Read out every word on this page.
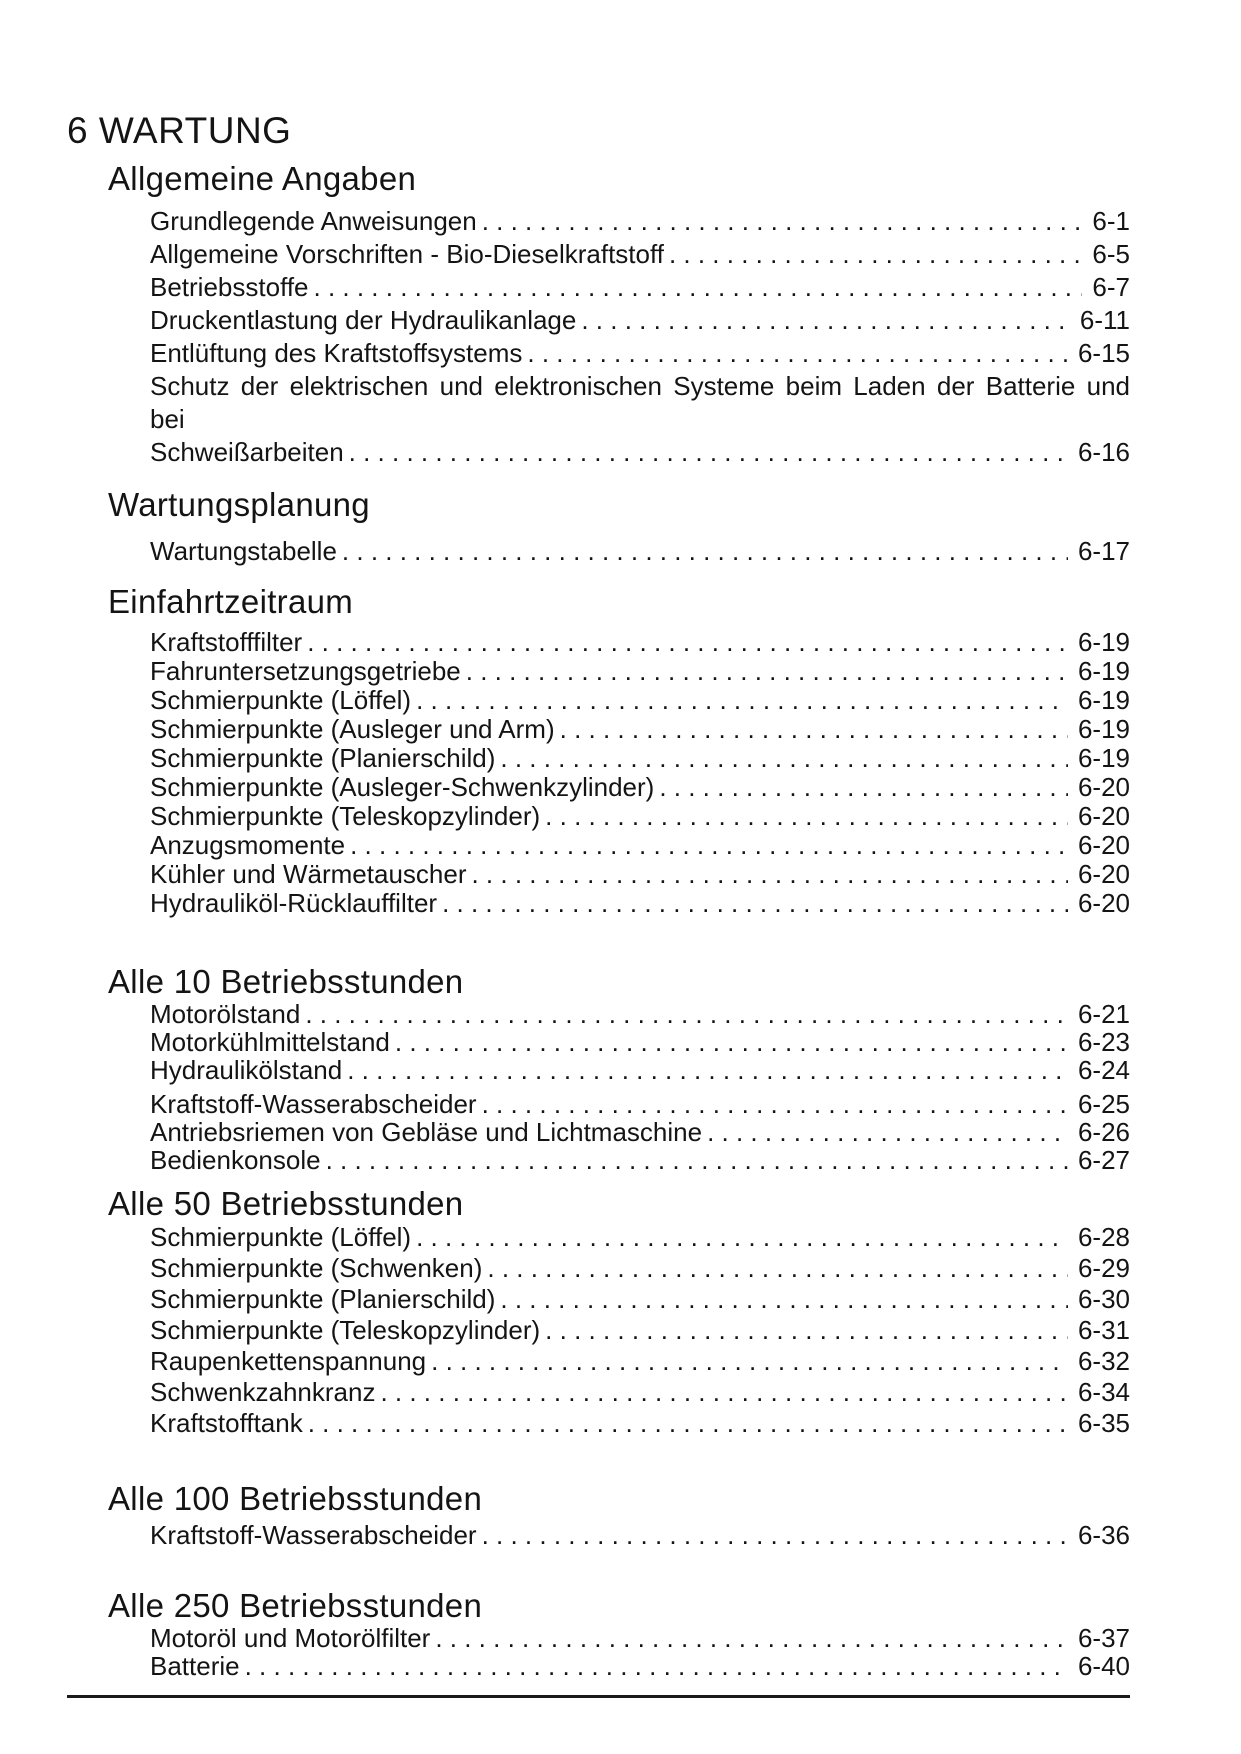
6 WARTUNG
Allgemeine Angaben
Grundlegende Anweisungen . . .	6-1
Allgemeine Vorschriften - Bio-Dieselkraftstoff . . .	6-5
Betriebsstoffe . . .	6-7
Druckentlastung der Hydraulikanlage . . .	6-11
Entlüftung des Kraftstoffsystems . . .	6-15
Schutz der elektrischen und elektronischen Systeme beim Laden der Batterie und bei
Schweißarbeiten . . .	6-16
Wartungsplanung
Wartungstabelle . . .	6-17
Einfahrtzeitraum
Kraftstofffilter . . .	6-19
Fahruntersetzungsgetriebe . . .	6-19
Schmierpunkte (Löffel) . . .	6-19
Schmierpunkte (Ausleger und Arm) . . .	6-19
Schmierpunkte (Planierschild) . . .	6-19
Schmierpunkte (Ausleger-Schwenkzylinder) . . .	6-20
Schmierpunkte (Teleskopzylinder) . . .	6-20
Anzugsmomente . . .	6-20
Kühler und Wärmetauscher . . .	6-20
Hydrauliköl-Rücklauffilter . . .	6-20
Alle 10 Betriebsstunden
Motorölstand . . .	6-21
Motorkühlmittelstand . . .	6-23
Hydraulikölstand . . .	6-24
Kraftstoff-Wasserabscheider . . .	6-25
Antriebsriemen von Gebläse und Lichtmaschine . . .	6-26
Bedienkonsole . . .	6-27
Alle 50 Betriebsstunden
Schmierpunkte (Löffel) . . .	6-28
Schmierpunkte (Schwenken) . . .	6-29
Schmierpunkte (Planierschild) . . .	6-30
Schmierpunkte (Teleskopzylinder) . . .	6-31
Raupenkettenspannung . . .	6-32
Schwenkzahnkranz . . .	6-34
Kraftstofftank . . .	6-35
Alle 100 Betriebsstunden
Kraftstoff-Wasserabscheider . . .	6-36
Alle 250 Betriebsstunden
Motoröl und Motorölfilter . . .	6-37
Batterie . . .	6-40
